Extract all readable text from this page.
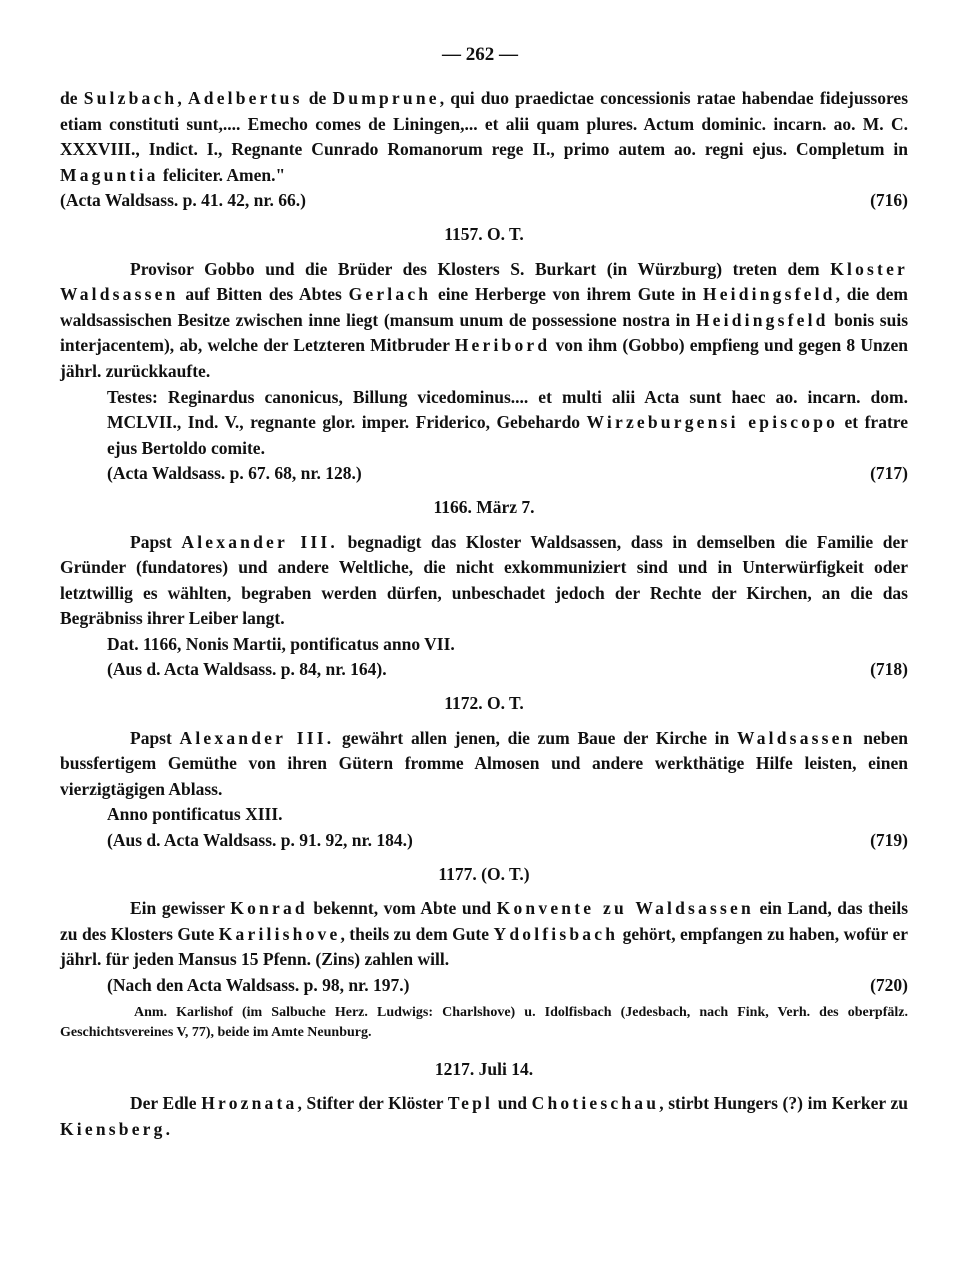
— 262 —

de Sulzbach, Adelbertus de Dumprune, qui duo praedictae concessionis ratae habendae fidejussores etiam constituti sunt,.... Emecho comes de Liningen,... et alii quam plures. Actum dominic. incarn. ao. M. C. XXXVIII., Indict. I., Regnante Cunrado Romanorum rege II., primo autem ao. regni ejus. Completum in Maguntia feliciter. Amen."

(Acta Waldsass. p. 41. 42, nr. 66.)	(716)
1157. O. T.

Provisor Gobbo und die Brüder des Klosters S. Burkart (in Würzburg) treten dem Kloster Waldsassen auf Bitten des Abtes Gerlach eine Herberge von ihrem Gute in Heidingsfeld, die dem waldsassischen Besitze zwischen inne liegt (mansum unum de possessione nostra in Heidingsfeld bonis suis interjacentem), ab, welche der Letzteren Mitbruder Heribord von ihm (Gobbo) empfieng und gegen 8 Unzen jährl. zurückkaufte.

Testes: Reginardus canonicus, Billung vicedominus.... et multi alii Acta sunt haec ao. incarn. dom. MCLVII., Ind. V., regnante glor. imper. Friderico, Gebehardo Wirzeburgensi episcopo et fratre ejus Bertoldo comite.

(Acta Waldsass. p. 67. 68, nr. 128.)	(717)
1166. März 7.

Papst Alexander III. begnadigt das Kloster Waldsassen, dass in demselben die Familie der Gründer (fundatores) und andere Weltliche, die nicht exkommuniziert sind und in Unterwürfigkeit oder letztwillig es wählten, begraben werden dürfen, unbeschadet jedoch der Rechte der Kirchen, an die das Begräbniss ihrer Leiber langt.

Dat. 1166, Nonis Martii, pontificatus anno VII.

(Aus d. Acta Waldsass. p. 84, nr. 164).	(718)
1172. O. T.

Papst Alexander III. gewährt allen jenen, die zum Baue der Kirche in Waldsassen neben bussfertigem Gemüthe von ihren Gütern fromme Almosen und andere werkthätige Hilfe leisten, einen vierzigtägigen Ablass.

Anno pontificatus XIII.

(Aus d. Acta Waldsass. p. 91. 92, nr. 184.)	(719)
1177. (O. T.)

Ein gewisser Konrad bekennt, vom Abte und Konvente zu Waldsassen ein Land, das theils zu des Klosters Gute Karilishove, theils zu dem Gute Ydolfisbach gehört, empfangen zu haben, wofür er jährl. für jeden Mansus 15 Pfenn. (Zins) zahlen will.

(Nach den Acta Waldsass. p. 98, nr. 197.)	(720)

Anm. Karlishof (im Salbuche Herz. Ludwigs: Charlshove) u. Idolfisbach (Jedesbach, nach Fink, Verh. des oberpfälz. Geschichtsvereines V, 77), beide im Amte Neunburg.

1217. Juli 14.

Der Edle Hroznata, Stifter der Klöster Tepl und Chotieschau, stirbt Hungers (?) im Kerker zu Kiensberg.
